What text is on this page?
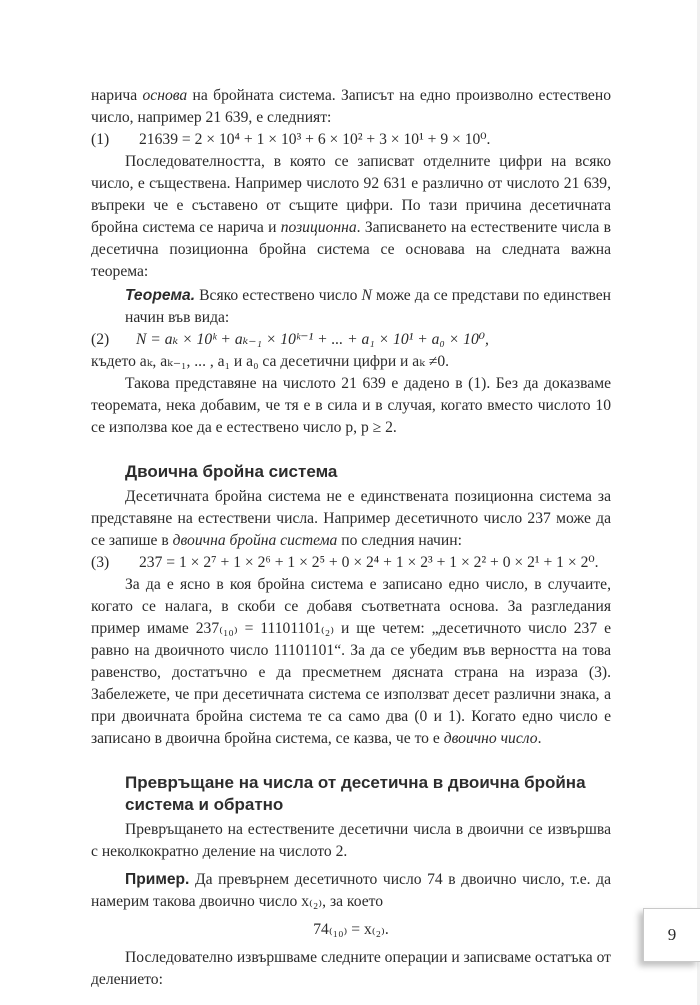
нарича основа на бройната система. Записът на едно произволно естествено число, например 21 639, е следният:

(1)	21639 = 2 × 10⁴ + 1 × 10³ + 6 × 10² + 3 × 10¹ + 9 × 10⁰.

Последователността, в която се записват отделните цифри на всяко число, е съществена. Например числото 92 631 е различно от числото 21 639, въпреки че е съставено от същите цифри. По тази причина десетичната бройна система се нарича и позиционна. Записването на естествените числа в десетична позиционна бройна система се основава на следната важна теорема:

Теорема. Всяко естествено число N може да се представи по единствен начин във вида:

(2)	N = aₖ × 10ᵏ + aₖ₋₁ × 10ᵏ⁻¹ + ... + a₁ × 10¹ + a₀ × 10⁰,

където aₖ, aₖ₋₁, ... , a₁ и a₀ са десетични цифри и aₖ ≠0.

Такова представяне на числото 21 639 е дадено в (1). Без да доказваме теоремата, нека добавим, че тя е в сила и в случая, когато вместо числото 10 се използва кое да е естествено число p, p ≥ 2.

Двоична бройна система

Десетичната бройна система не е единствената позиционна система за представяне на естествени числа. Например десетичното число 237 може да се запише в двоична бройна система по следния начин:

(3)	237 = 1 × 2⁷ + 1 × 2⁶ + 1 × 2⁵ + 0 × 2⁴ + 1 × 2³ + 1 × 2² + 0 × 2¹ + 1 × 2⁰.

За да е ясно в коя бройна система е записано едно число, в случаите, когато се налага, в скоби се добавя съответната основа. За разгледания пример имаме 237₍₁₀₎ = 11101101₍₂₎ и ще четем: „десетичното число 237 е равно на двоичното число 11101101“. За да се убедим във верността на това равенство, достатъчно е да пресметнем дясната страна на израза (3). Забележете, че при десетичната система се използват десет различни знака, а при двоичната бройна система те са само два (0 и 1). Когато едно число е записано в двоична бройна система, се казва, че то е двоично число.

Превръщане на числа от десетична в двоична бройна система и обратно

Превръщането на естествените десетични числа в двоични се извършва с неколкократно деление на числото 2.

Пример. Да превърнем десетичното число 74 в двоично число, т.е. да намерим такова двоично число x₍₂₎, за което

74₍₁₀₎ = x₍₂₎.

Последователно извършваме следните операции и записваме остатъка от делението:

9
